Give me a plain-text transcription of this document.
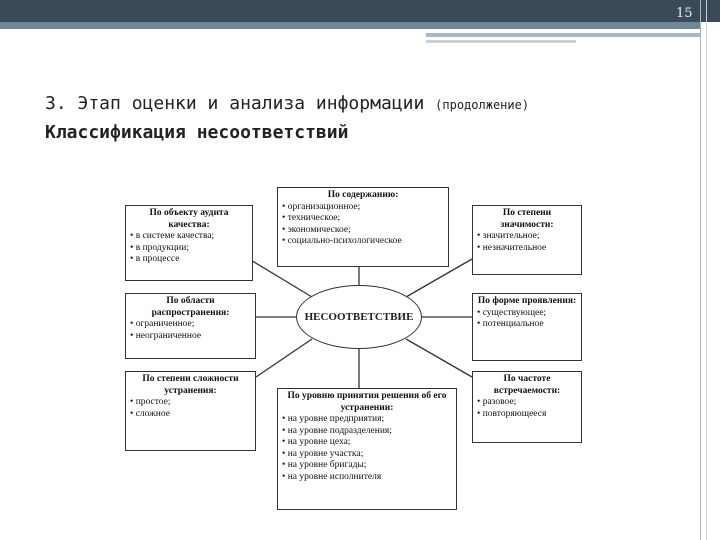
15
3. Этап оценки и анализа информации (продолжение)
Классификация несоответствий
НЕСООТВЕТСТВИЕ
По содержанию:
• организационное;
• техническое;
• экономическое;
• социально-психологическое
По объекту аудита качества:
• в системе качества;
• в продукции;
• в процессе
По области распространения:
• ограниченное;
• неограниченное
По степени сложности устранения:
• простое;
• сложное
По степени значимости:
• значительное;
• незначительное
По форме проявления:
• существующее;
• потенциальное
По частоте встречаемости:
• разовое;
• повторяющееся
По уровню принятия решения об его устранении:
• на уровне предприятия;
• на уровне подразделения;
• на уровне цеха;
• на уровне участка;
• на уровне бригады;
• на уровне исполнителя
